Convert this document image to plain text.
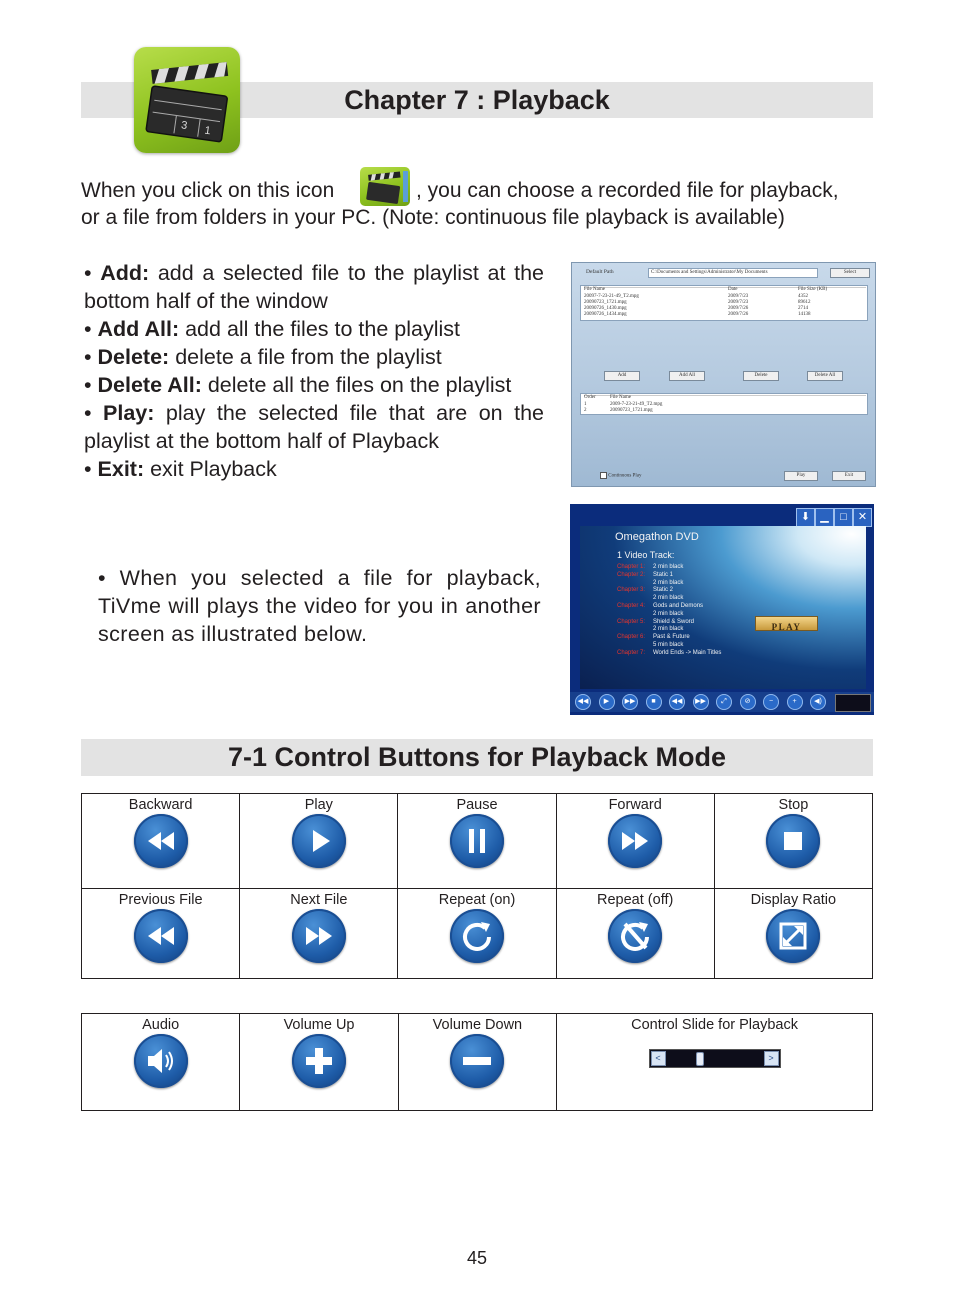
Chapter 7 : Playback
3 1
When you click on this icon	, you can choose a recorded file for playback,
or a file from folders in your PC. (Note: continuous file playback is available)
• Add: add a selected file to the playlist at the bottom half of the window
• Add All: add all the files to the playlist
• Delete: delete a file from the playlist
• Delete All: delete all the files on the playlist
• Play: play the selected file that are on the playlist at the bottom half of Playback
• Exit: exit Playback
• When you selected a file for playback, TiVme will plays the video for you in another screen as illustrated below.
Default Path	C:\Documents and Settings\Administrator\My Documents	Select
File Name	Date	File Size (KB)
20097-7-23-21-49_T2.mpg	2009/7/23	4352
20090723_1721.mpg	2009/7/23	89612
20090726_1430.mpg	2009/7/26	2714
20090726_1434.mpg	2009/7/26	14138
Add	Add All	Delete	Delete All
Order	File Name
1	2009-7-23-21-49_T2.mpg
2	20090723_1721.mpg
Continuous Play	Play	Exit
⬇ ▁ □ ✕
Omegathon DVD
1 Video Track:
Chapter 1: 2 min black
Chapter 2: Static 1
2 min black
Chapter 3: Static 2
2 min black
Chapter 4: Gods and Demons
2 min black
Chapter 5: Shield & Sword
2 min black
Chapter 6: Past & Future
5 min black
Chapter 7: World Ends -> Main Titles
PLAY
◀◀	▶	▶▶	■	◀◀	▶▶	⤢	⊘	−	+	◀)
7-1 Control Buttons for Playback Mode
Backward	Play	Pause	Forward	Stop

Previous File	Next File	Repeat (on)	Repeat (off)	Display Ratio
Audio	Volume Up	Volume Down	Control Slide for Playback
<	>
45
